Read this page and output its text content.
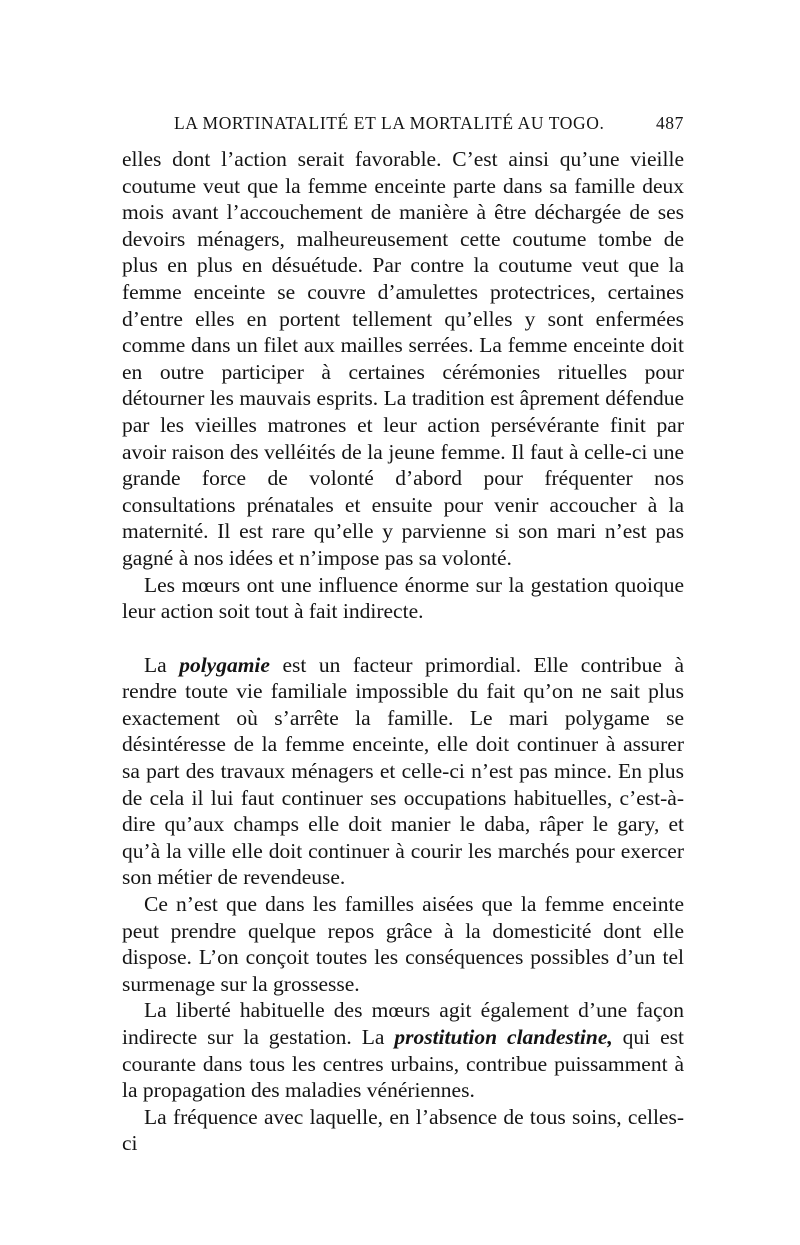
LA MORTINATALITÉ ET LA MORTALITÉ AU TOGO.	487

elles dont l’action serait favorable. C’est ainsi qu’une vieille coutume veut que la femme enceinte parte dans sa famille deux mois avant l’accouchement de manière à être déchargée de ses devoirs ménagers, malheureusement cette coutume tombe de plus en plus en désuétude. Par contre la coutume veut que la femme enceinte se couvre d’amulettes protectrices, certaines d’entre elles en portent tellement qu’elles y sont enfermées comme dans un filet aux mailles serrées. La femme enceinte doit en outre participer à certaines cérémonies rituelles pour détourner les mauvais esprits. La tradition est âprement défendue par les vieilles matrones et leur action persévérante finit par avoir raison des velléités de la jeune femme. Il faut à celle-ci une grande force de volonté d’abord pour fréquenter nos consultations prénatales et ensuite pour venir accoucher à la maternité. Il est rare qu’elle y parvienne si son mari n’est pas gagné à nos idées et n’impose pas sa volonté.

Les mœurs ont une influence énorme sur la gestation quoique leur action soit tout à fait indirecte.

La polygamie est un facteur primordial. Elle contribue à rendre toute vie familiale impossible du fait qu’on ne sait plus exactement où s’arrête la famille. Le mari polygame se désintéresse de la femme enceinte, elle doit continuer à assurer sa part des travaux ménagers et celle-ci n’est pas mince. En plus de cela il lui faut continuer ses occupations habituelles, c’est-à-dire qu’aux champs elle doit manier le daba, râper le gary, et qu’à la ville elle doit continuer à courir les marchés pour exercer son métier de revendeuse.

Ce n’est que dans les familles aisées que la femme enceinte peut prendre quelque repos grâce à la domesticité dont elle dispose. L’on conçoit toutes les conséquences possibles d’un tel surmenage sur la grossesse.

La liberté habituelle des mœurs agit également d’une façon indirecte sur la gestation. La prostitution clandestine, qui est courante dans tous les centres urbains, contribue puissamment à la propagation des maladies vénériennes.

La fréquence avec laquelle, en l’absence de tous soins, celles-ci
